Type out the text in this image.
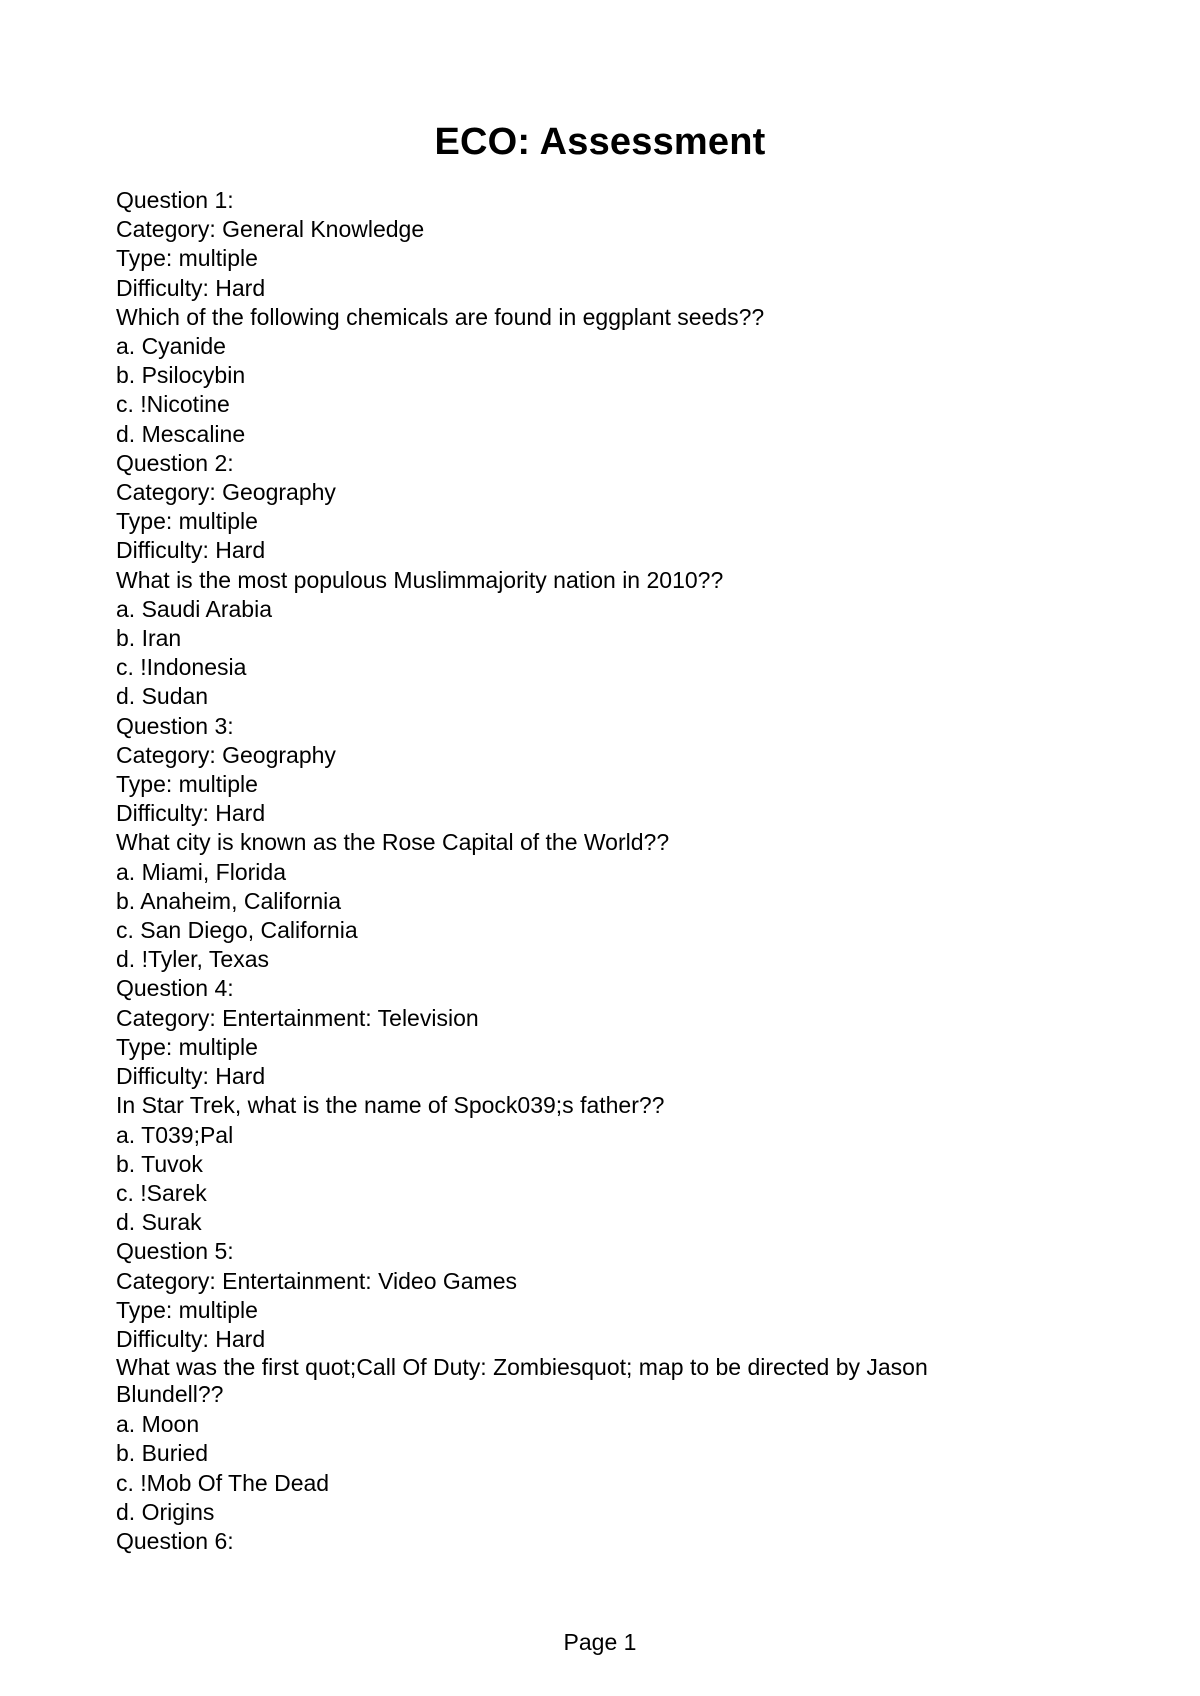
ECO: Assessment
Question 1:
Category: General Knowledge
Type: multiple
Difficulty: Hard
Which of the following chemicals are found in eggplant seeds??
a. Cyanide
b. Psilocybin
c. !Nicotine
d. Mescaline
Question 2:
Category: Geography
Type: multiple
Difficulty: Hard
What is the most populous Muslimmajority nation in 2010??
a. Saudi Arabia
b. Iran
c. !Indonesia
d. Sudan
Question 3:
Category: Geography
Type: multiple
Difficulty: Hard
What city is known as the Rose Capital of the World??
a. Miami, Florida
b. Anaheim, California
c. San Diego, California
d. !Tyler, Texas
Question 4:
Category: Entertainment: Television
Type: multiple
Difficulty: Hard
In Star Trek, what is the name of Spock039;s father??
a. T039;Pal
b. Tuvok
c. !Sarek
d. Surak
Question 5:
Category: Entertainment: Video Games
Type: multiple
Difficulty: Hard
What was the first quot;Call Of Duty: Zombiesquot; map to be directed by Jason Blundell??
a. Moon
b. Buried
c. !Mob Of The Dead
d. Origins
Question 6:
Page 1
